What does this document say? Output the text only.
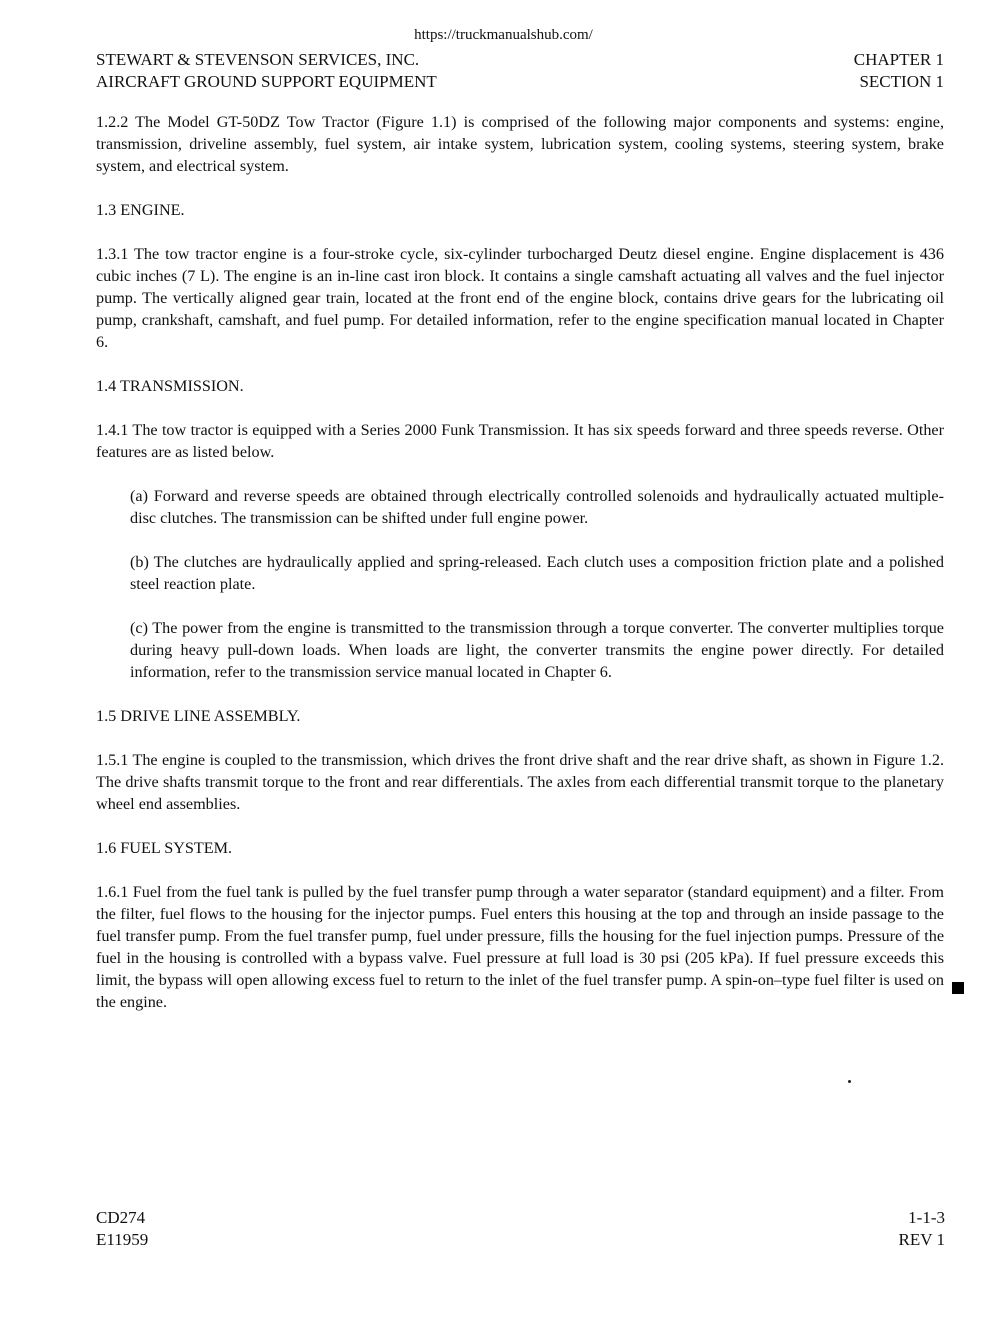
https://truckmanualshub.com/
STEWART & STEVENSON SERVICES, INC.
AIRCRAFT GROUND SUPPORT EQUIPMENT
CHAPTER 1
SECTION 1

1.2.2 The Model GT-50DZ Tow Tractor (Figure 1.1) is comprised of the following major components and systems: engine, transmission, driveline assembly, fuel system, air intake system, lubrication system, cooling systems, steering system, brake system, and electrical system.

1.3 ENGINE.

1.3.1 The tow tractor engine is a four-stroke cycle, six-cylinder turbocharged Deutz diesel engine. Engine displacement is 436 cubic inches (7 L). The engine is an in-line cast iron block. It contains a single camshaft actuating all valves and the fuel injector pump. The vertically aligned gear train, located at the front end of the engine block, contains drive gears for the lubricating oil pump, crankshaft, camshaft, and fuel pump. For detailed information, refer to the engine specification manual located in Chapter 6.

1.4 TRANSMISSION.

1.4.1 The tow tractor is equipped with a Series 2000 Funk Transmission. It has six speeds forward and three speeds reverse. Other features are as listed below.

(a) Forward and reverse speeds are obtained through electrically controlled solenoids and hydraulically actuated multiple-disc clutches. The transmission can be shifted under full engine power.

(b) The clutches are hydraulically applied and spring-released. Each clutch uses a composition friction plate and a polished steel reaction plate.

(c) The power from the engine is transmitted to the transmission through a torque converter. The converter multiplies torque during heavy pull-down loads. When loads are light, the converter transmits the engine power directly. For detailed information, refer to the transmission service manual located in Chapter 6.

1.5 DRIVE LINE ASSEMBLY.

1.5.1 The engine is coupled to the transmission, which drives the front drive shaft and the rear drive shaft, as shown in Figure 1.2. The drive shafts transmit torque to the front and rear differentials. The axles from each differential transmit torque to the planetary wheel end assemblies.

1.6 FUEL SYSTEM.

1.6.1 Fuel from the fuel tank is pulled by the fuel transfer pump through a water separator (standard equipment) and a filter. From the filter, fuel flows to the housing for the injector pumps. Fuel enters this housing at the top and through an inside passage to the fuel transfer pump. From the fuel transfer pump, fuel under pressure, fills the housing for the fuel injection pumps. Pressure of the fuel in the housing is controlled with a bypass valve. Fuel pressure at full load is 30 psi (205 kPa). If fuel pressure exceeds this limit, the bypass will open allowing excess fuel to return to the inlet of the fuel transfer pump. A spin-on–type fuel filter is used on the engine.

CD274
E11959
1-1-3
REV 1
